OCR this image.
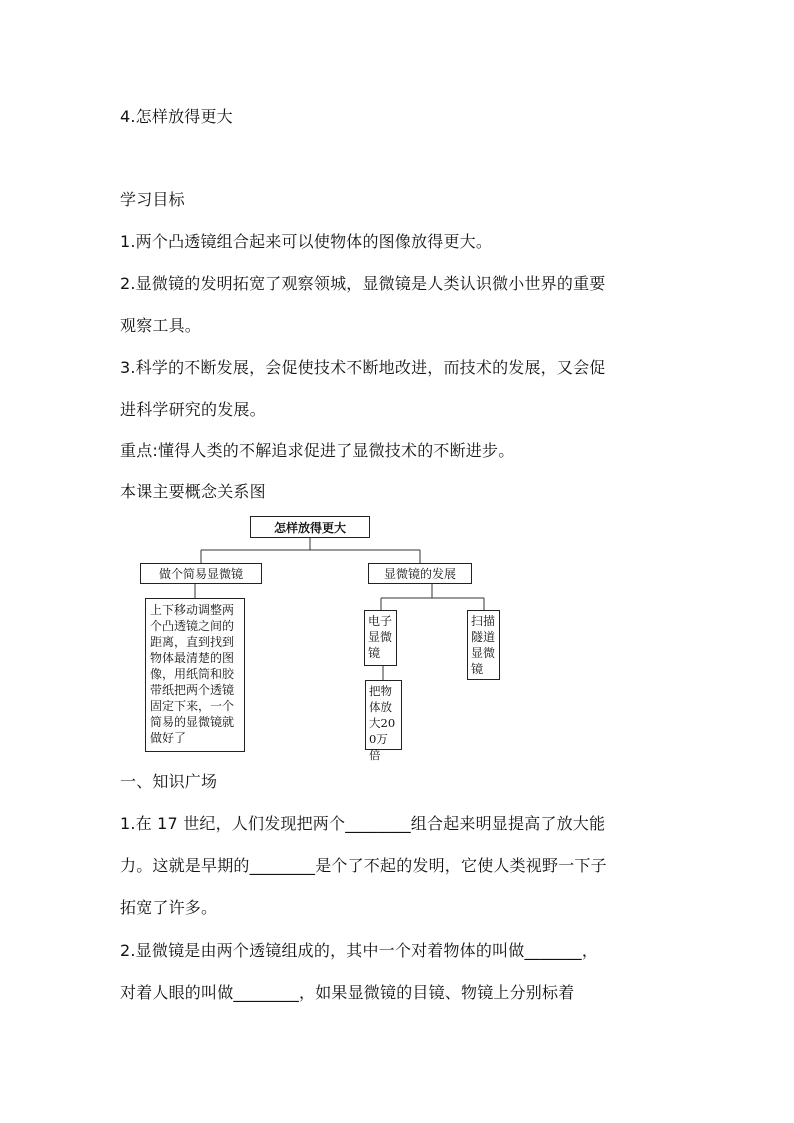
4.怎样放得更大
学习目标
1.两个凸透镜组合起来可以使物体的图像放得更大。
2.显微镜的发明拓宽了观察领城，显微镜是人类认识微小世界的重要
观察工具。
3.科学的不断发展，会促使技术不断地改进，而技术的发展，又会促
进科学研究的发展。
重点:懂得人类的不解追求促进了显微技术的不断进步。
本课主要概念关系图
怎样放得更大
做个简易显微镜	显微镜的发展
上下移动调整两个凸透镜之间的距离，直到找到物体最清楚的图像，用纸筒和胶带纸把两个透镜固定下来，一个简易的显微镜就做好了
电子显微镜
扫描隧道显微镜
把物体放大200万倍
一、知识广场
1.在 17 世纪，人们发现把两个________组合起来明显提高了放大能
力。这就是早期的________是个了不起的发明，它使人类视野一下子
拓宽了许多。
2.显微镜是由两个透镜组成的，其中一个对着物体的叫做_______，
对着人眼的叫做________，如果显微镜的目镜、物镜上分别标着
